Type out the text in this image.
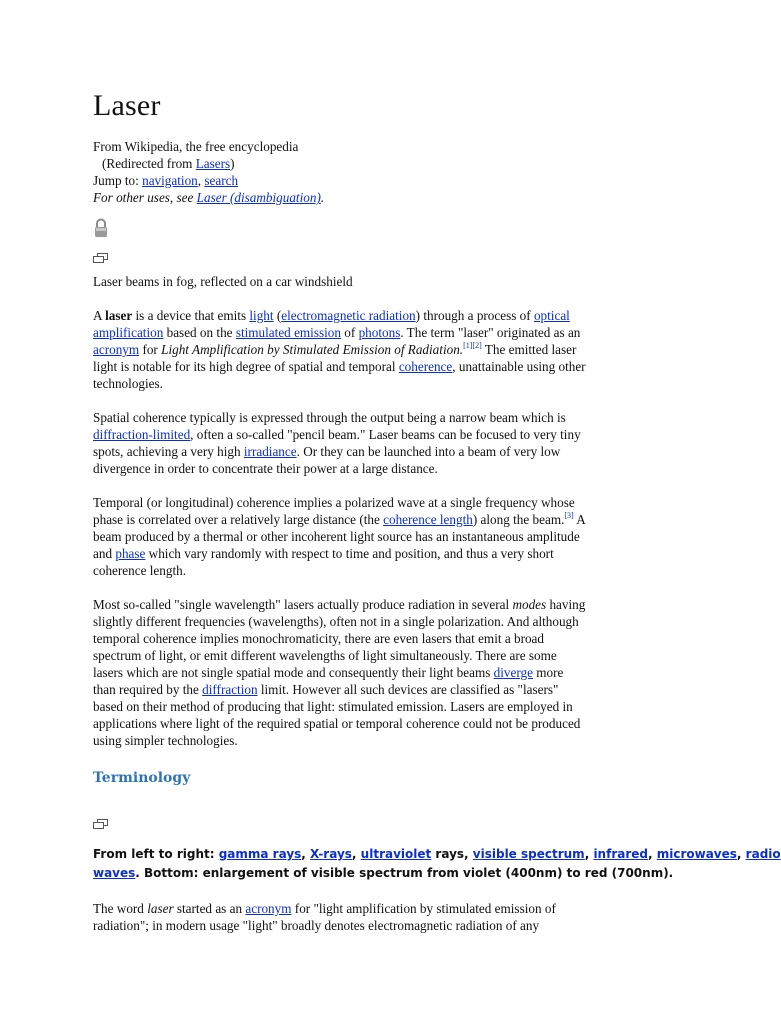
Laser
From Wikipedia, the free encyclopedia
(Redirected from Lasers)
Jump to: navigation, search
For other uses, see Laser (disambiguation).
Laser beams in fog, reflected on a car windshield

A laser is a device that emits light (electromagnetic radiation) through a process of optical
amplification based on the stimulated emission of photons. The term "laser" originated as an
acronym for Light Amplification by Stimulated Emission of Radiation.[1][2] The emitted laser
light is notable for its high degree of spatial and temporal coherence, unattainable using other
technologies.

Spatial coherence typically is expressed through the output being a narrow beam which is
diffraction-limited, often a so-called "pencil beam." Laser beams can be focused to very tiny
spots, achieving a very high irradiance. Or they can be launched into a beam of very low
divergence in order to concentrate their power at a large distance.

Temporal (or longitudinal) coherence implies a polarized wave at a single frequency whose
phase is correlated over a relatively large distance (the coherence length) along the beam.[3] A
beam produced by a thermal or other incoherent light source has an instantaneous amplitude
and phase which vary randomly with respect to time and position, and thus a very short
coherence length.

Most so-called "single wavelength" lasers actually produce radiation in several modes having
slightly different frequencies (wavelengths), often not in a single polarization. And although
temporal coherence implies monochromaticity, there are even lasers that emit a broad
spectrum of light, or emit different wavelengths of light simultaneously. There are some
lasers which are not single spatial mode and consequently their light beams diverge more
than required by the diffraction limit. However all such devices are classified as "lasers"
based on their method of producing that light: stimulated emission. Lasers are employed in
applications where light of the required spatial or temporal coherence could not be produced
using simpler technologies.

Terminology
From left to right: gamma rays, X-rays, ultraviolet rays, visible spectrum, infrared, microwaves, radio
waves. Bottom: enlargement of visible spectrum from violet (400nm) to red (700nm).

The word laser started as an acronym for "light amplification by stimulated emission of
radiation"; in modern usage "light" broadly denotes electromagnetic radiation of any
